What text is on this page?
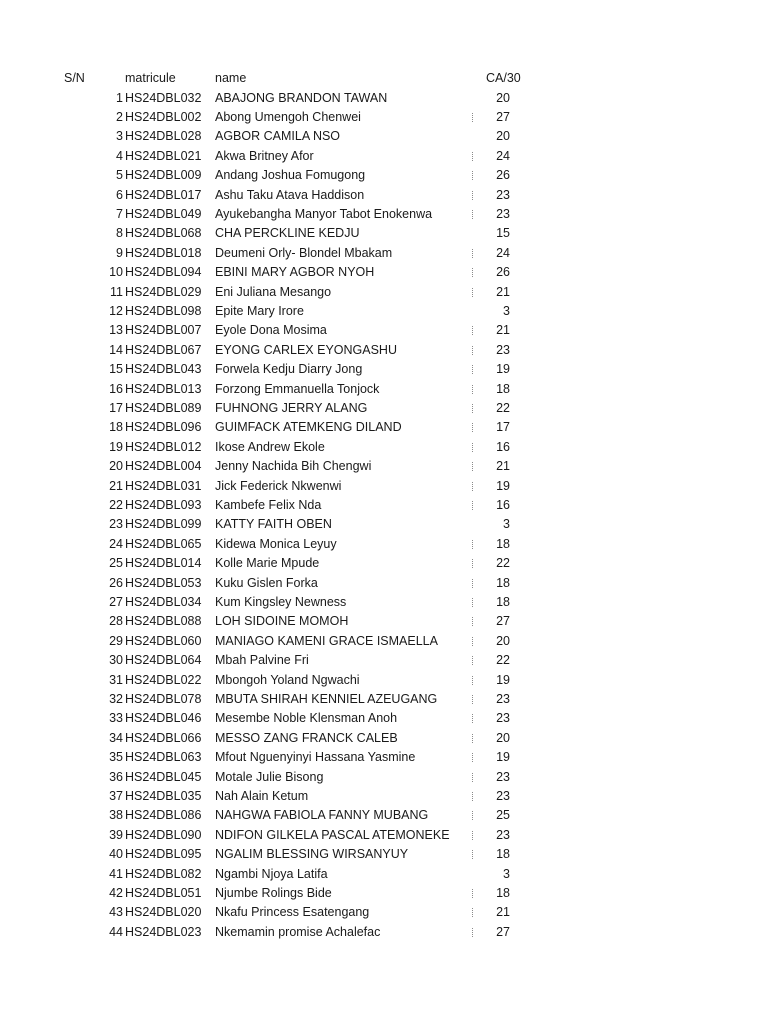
S/N	matricule	name	CA/30
1 HS24DBL032 ABAJONG BRANDON TAWAN	20
2 HS24DBL002 Abong Umengoh Chenwei	27
3 HS24DBL028 AGBOR CAMILA NSO	20
4 HS24DBL021 Akwa Britney Afor	24
5 HS24DBL009 Andang Joshua Fomugong	26
6 HS24DBL017 Ashu Taku Atava Haddison	23
7 HS24DBL049 Ayukebangha Manyor Tabot Enokenwa	23
8 HS24DBL068 CHA PERCKLINE KEDJU	15
9 HS24DBL018 Deumeni Orly- Blondel Mbakam	24
10 HS24DBL094 EBINI MARY AGBOR NYOH	26
11 HS24DBL029 Eni Juliana Mesango	21
12 HS24DBL098 Epite Mary Irore	3
13 HS24DBL007 Eyole Dona Mosima	21
14 HS24DBL067 EYONG CARLEX EYONGASHU	23
15 HS24DBL043 Forwela Kedju Diarry Jong	19
16 HS24DBL013 Forzong Emmanuella Tonjock	18
17 HS24DBL089 FUHNONG JERRY ALANG	22
18 HS24DBL096 GUIMFACK ATEMKENG DILAND	17
19 HS24DBL012 Ikose Andrew Ekole	16
20 HS24DBL004 Jenny Nachida Bih Chengwi	21
21 HS24DBL031 Jick Federick Nkwenwi	19
22 HS24DBL093 Kambefe Felix Nda	16
23 HS24DBL099 KATTY FAITH OBEN	3
24 HS24DBL065 Kidewa Monica Leyuy	18
25 HS24DBL014 Kolle Marie Mpude	22
26 HS24DBL053 Kuku Gislen Forka	18
27 HS24DBL034 Kum Kingsley Newness	18
28 HS24DBL088 LOH SIDOINE MOMOH	27
29 HS24DBL060 MANIAGO KAMENI GRACE ISMAELLA	20
30 HS24DBL064 Mbah Palvine Fri	22
31 HS24DBL022 Mbongoh Yoland Ngwachi	19
32 HS24DBL078 MBUTA SHIRAH KENNIEL AZEUGANG	23
33 HS24DBL046 Mesembe Noble Klensman Anoh	23
34 HS24DBL066 MESSO ZANG FRANCK CALEB	20
35 HS24DBL063 Mfout Nguenyinyi Hassana Yasmine	19
36 HS24DBL045 Motale Julie Bisong	23
37 HS24DBL035 Nah Alain Ketum	23
38 HS24DBL086 NAHGWA FABIOLA FANNY MUBANG	25
39 HS24DBL090 NDIFON GILKELA PASCAL ATEMONEKE	23
40 HS24DBL095 NGALIM BLESSING WIRSANYUY	18
41 HS24DBL082 Ngambi Njoya Latifa	3
42 HS24DBL051 Njumbe Rolings Bide	18
43 HS24DBL020 Nkafu Princess Esatengang	21
44 HS24DBL023 Nkemamin promise Achalefac	27
